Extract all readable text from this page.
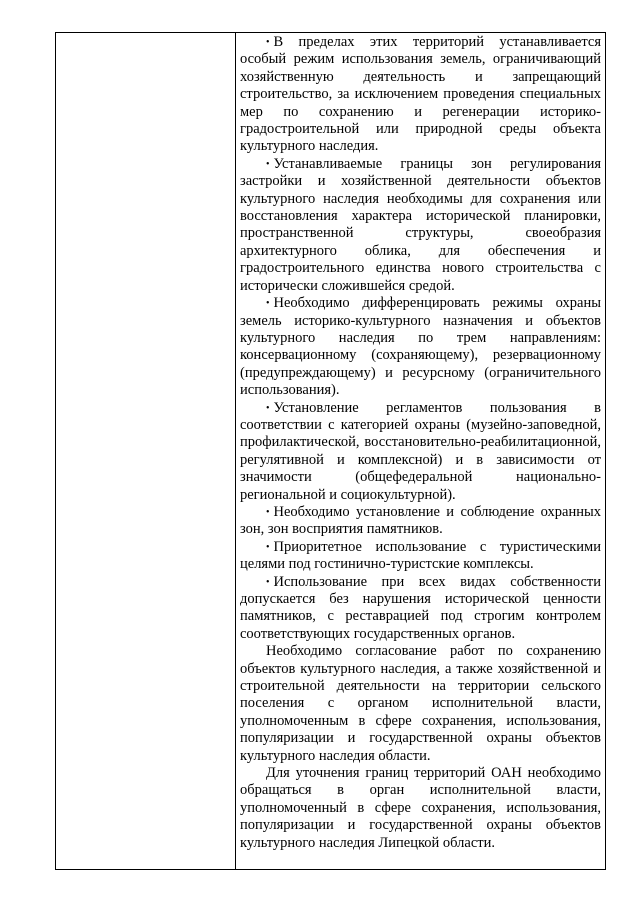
• В пределах этих территорий устанавливается особый режим использования земель, ограничивающий хозяйственную деятельность и запрещающий строительство, за исключением проведения специальных мер по сохранению и регенерации историко-градостроительной или природной среды объекта культурного наследия.

• Устанавливаемые границы зон регулирования застройки и хозяйственной деятельности объектов культурного наследия необходимы для сохранения или восстановления характера исторической планировки, пространственной структуры, своеобразия архитектурного облика, для обеспечения и градостроительного единства нового строительства с исторически сложившейся средой.

• Необходимо дифференцировать режимы охраны земель историко-культурного назначения и объектов культурного наследия по трем направлениям: консервационному (сохраняющему), резервационному (предупреждающему) и ресурсному (ограничительного использования).

• Установление регламентов пользования в соответствии с категорией охраны (музейно-заповедной, профилактической, восстановительно-реабилитационной, регулятивной и комплексной) и в зависимости от значимости (общефедеральной национально-региональной и социокультурной).

• Необходимо установление и соблюдение охранных зон, зон восприятия памятников.

• Приоритетное использование с туристическими целями под гостинично-туристские комплексы.

• Использование при всех видах собственности допускается без нарушения исторической ценности памятников, с реставрацией под строгим контролем соответствующих государственных органов.

Необходимо согласование работ по сохранению объектов культурного наследия, а также хозяйственной и строительной деятельности на территории сельского поселения с органом исполнительной власти, уполномоченным в сфере сохранения, использования, популяризации и государственной охраны объектов культурного наследия области.

Для уточнения границ территорий ОАН необходимо обращаться в орган исполнительной власти, уполномоченный в сфере сохранения, использования, популяризации и государственной охраны объектов культурного наследия Липецкой области.
